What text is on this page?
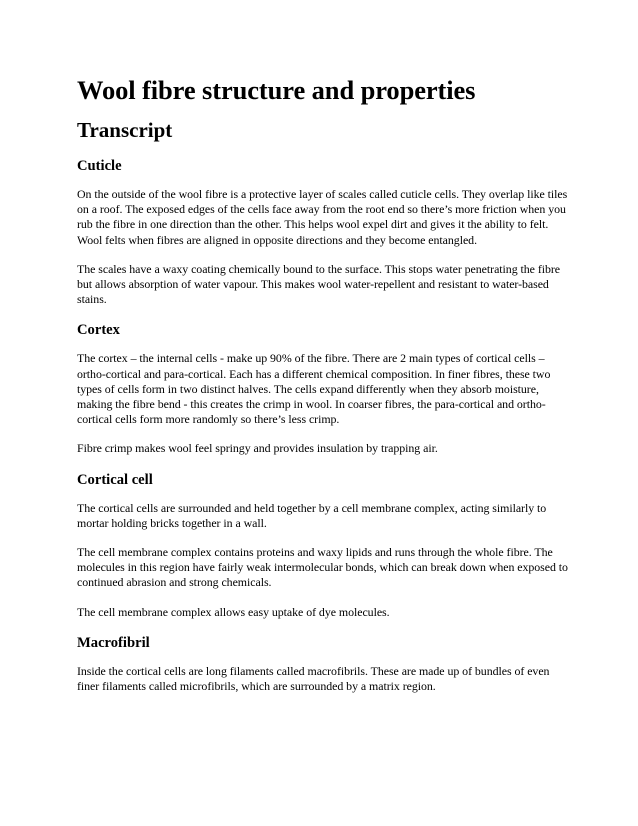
Wool fibre structure and properties
Transcript
Cuticle

On the outside of the wool fibre is a protective layer of scales called cuticle cells. They overlap like tiles on a roof. The exposed edges of the cells face away from the root end so there’s more friction when you rub the fibre in one direction than the other. This helps wool expel dirt and gives it the ability to felt. Wool felts when fibres are aligned in opposite directions and they become entangled.

The scales have a waxy coating chemically bound to the surface. This stops water penetrating the fibre but allows absorption of water vapour. This makes wool water-repellent and resistant to water-based stains.

Cortex

The cortex – the internal cells - make up 90% of the fibre. There are 2 main types of cortical cells – ortho-cortical and para-cortical. Each has a different chemical composition. In finer fibres, these two types of cells form in two distinct halves. The cells expand differently when they absorb moisture, making the fibre bend - this creates the crimp in wool. In coarser fibres, the para-cortical and ortho-cortical cells form more randomly so there’s less crimp.

Fibre crimp makes wool feel springy and provides insulation by trapping air.

Cortical cell

The cortical cells are surrounded and held together by a cell membrane complex, acting similarly to mortar holding bricks together in a wall.

The cell membrane complex contains proteins and waxy lipids and runs through the whole fibre. The molecules in this region have fairly weak intermolecular bonds, which can break down when exposed to continued abrasion and strong chemicals.

The cell membrane complex allows easy uptake of dye molecules.

Macrofibril

Inside the cortical cells are long filaments called macrofibrils. These are made up of bundles of even finer filaments called microfibrils, which are surrounded by a matrix region.
